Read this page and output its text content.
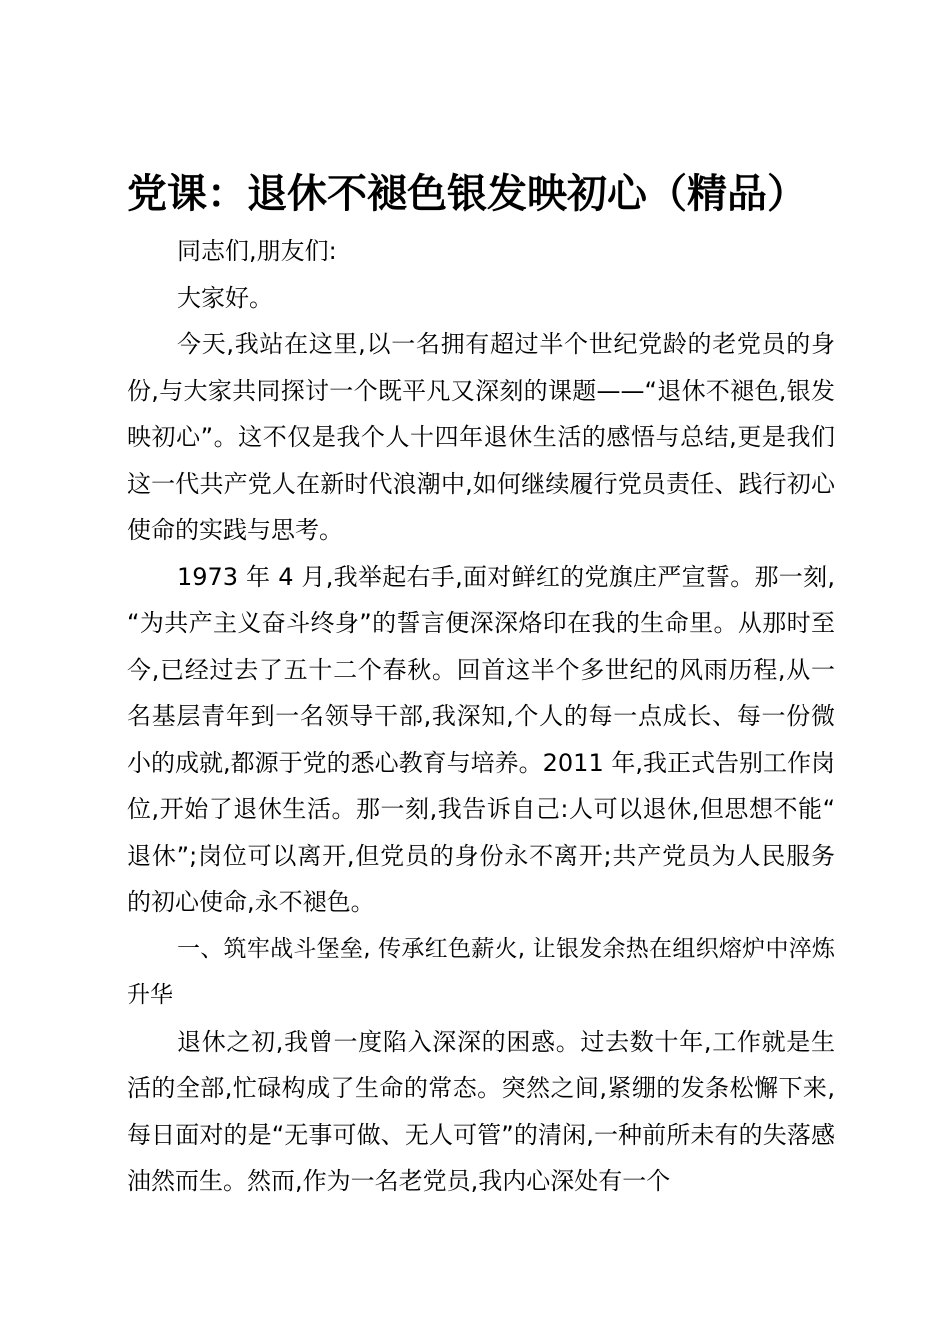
党课：退休不褪色银发映初心（精品）

同志们,朋友们:

大家好。

今天,我站在这里,以一名拥有超过半个世纪党龄的老党员的身份,与大家共同探讨一个既平凡又深刻的课题——“退休不褪色,银发映初心”。这不仅是我个人十四年退休生活的感悟与总结,更是我们这一代共产党人在新时代浪潮中,如何继续履行党员责任、践行初心使命的实践与思考。

1973 年 4 月,我举起右手,面对鲜红的党旗庄严宣誓。那一刻,“为共产主义奋斗终身”的誓言便深深烙印在我的生命里。从那时至今,已经过去了五十二个春秋。回首这半个多世纪的风雨历程,从一名基层青年到一名领导干部,我深知,个人的每一点成长、每一份微小的成就,都源于党的悉心教育与培养。2011 年,我正式告别工作岗位,开始了退休生活。那一刻,我告诉自己:人可以退休,但思想不能“退休”;岗位可以离开,但党员的身份永不离开;共产党员为人民服务的初心使命,永不褪色。

一、筑牢战斗堡垒, 传承红色薪火, 让银发余热在组织熔炉中淬炼升华

退休之初,我曾一度陷入深深的困惑。过去数十年,工作就是生活的全部,忙碌构成了生命的常态。突然之间,紧绷的发条松懈下来,每日面对的是“无事可做、无人可管”的清闲,一种前所未有的失落感油然而生。然而,作为一名老党员,我内心深处有一个
